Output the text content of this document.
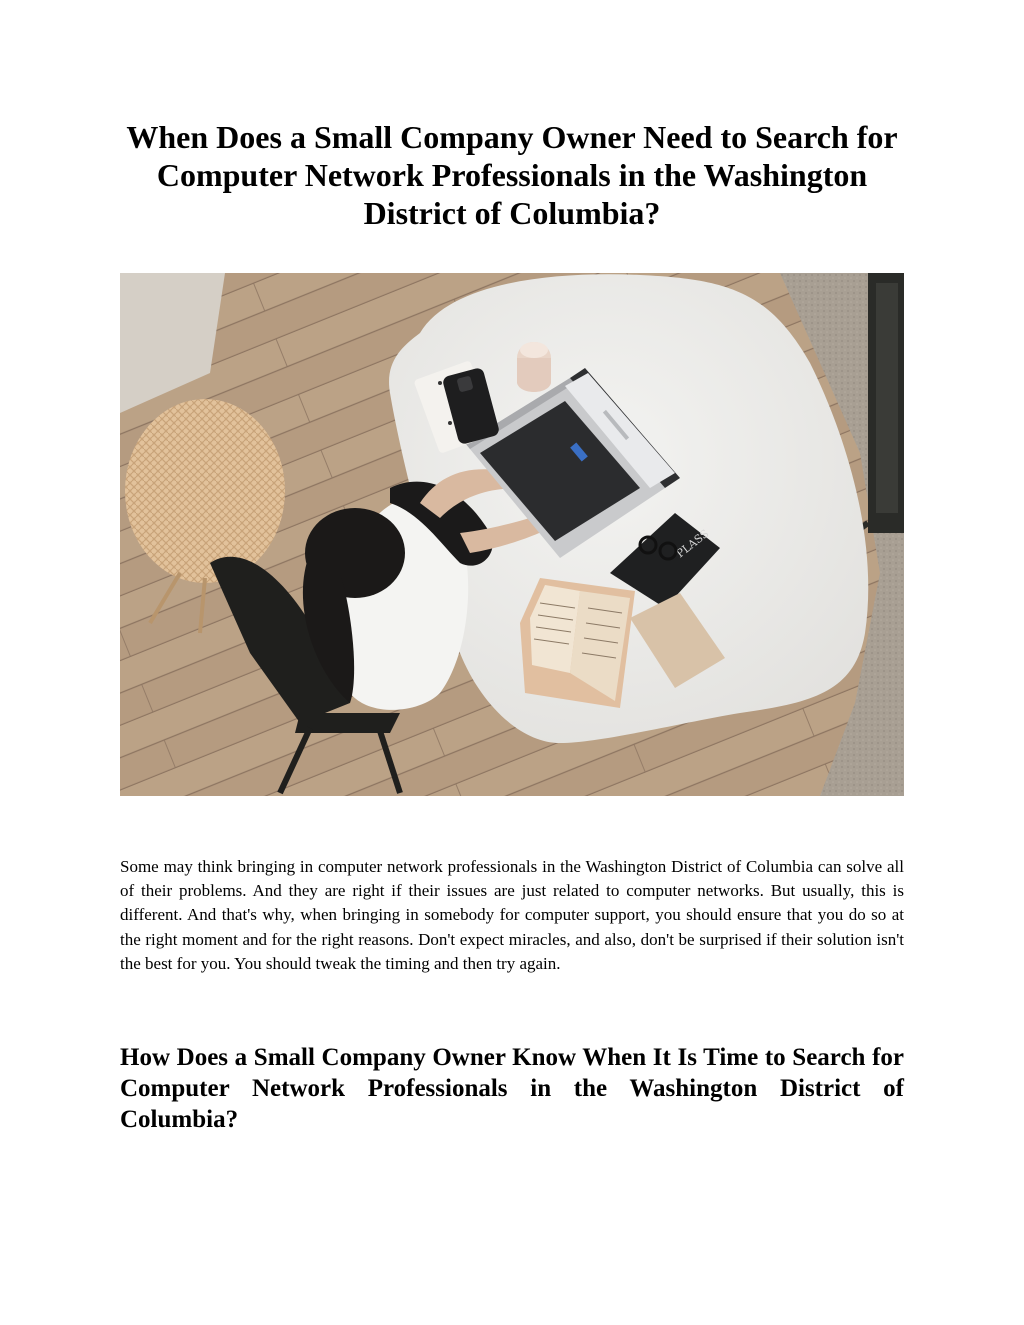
When Does a Small Company Owner Need to Search for Computer Network Professionals in the Washington District of Columbia?
PLASS

Some may think bringing in computer network professionals in the Washington District of Columbia can solve all of their problems. And they are right if their issues are just related to computer networks. But usually, this is different. And that's why, when bringing in somebody for computer support, you should ensure that you do so at the right moment and for the right reasons. Don't expect miracles, and also, don't be surprised if their solution isn't the best for you. You should tweak the timing and then try again.

How Does a Small Company Owner Know When It Is Time to Search for Computer Network Professionals in the Washington District of Columbia?
